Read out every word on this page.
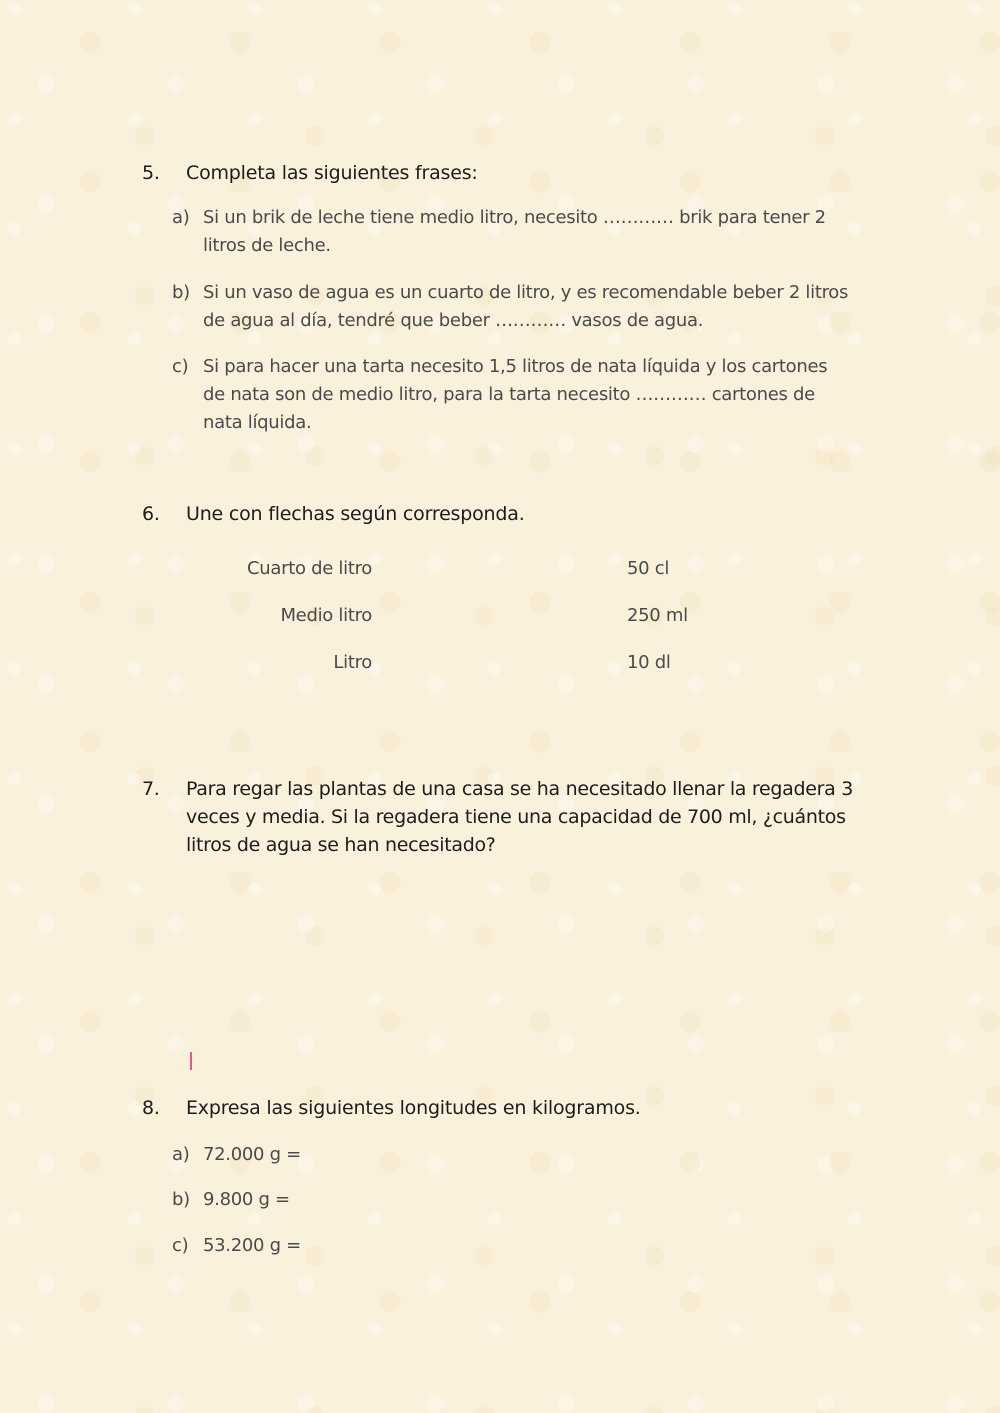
5. Completa las siguientes frases:
a) Si un brik de leche tiene medio litro, necesito ………… brik para tener 2 litros de leche.
b) Si un vaso de agua es un cuarto de litro, y es recomendable beber 2 litros de agua al día, tendré que beber ………… vasos de agua.
c) Si para hacer una tarta necesito 1,5 litros de nata líquida y los cartones de nata son de medio litro, para la tarta necesito ………… cartones de nata líquida.
6. Une con flechas según corresponda.
Cuarto de litro
Medio litro
Litro
50 cl
250 ml
10 dl
7.	Para regar las plantas de una casa se ha necesitado llenar la regadera 3 veces y media. Si la regadera tiene una capacidad de 700 ml, ¿cuántos litros de agua se han necesitado?
8. Expresa las siguientes longitudes en kilogramos.
a) 72.000 g =
b) 9.800 g =
c) 53.200 g =
